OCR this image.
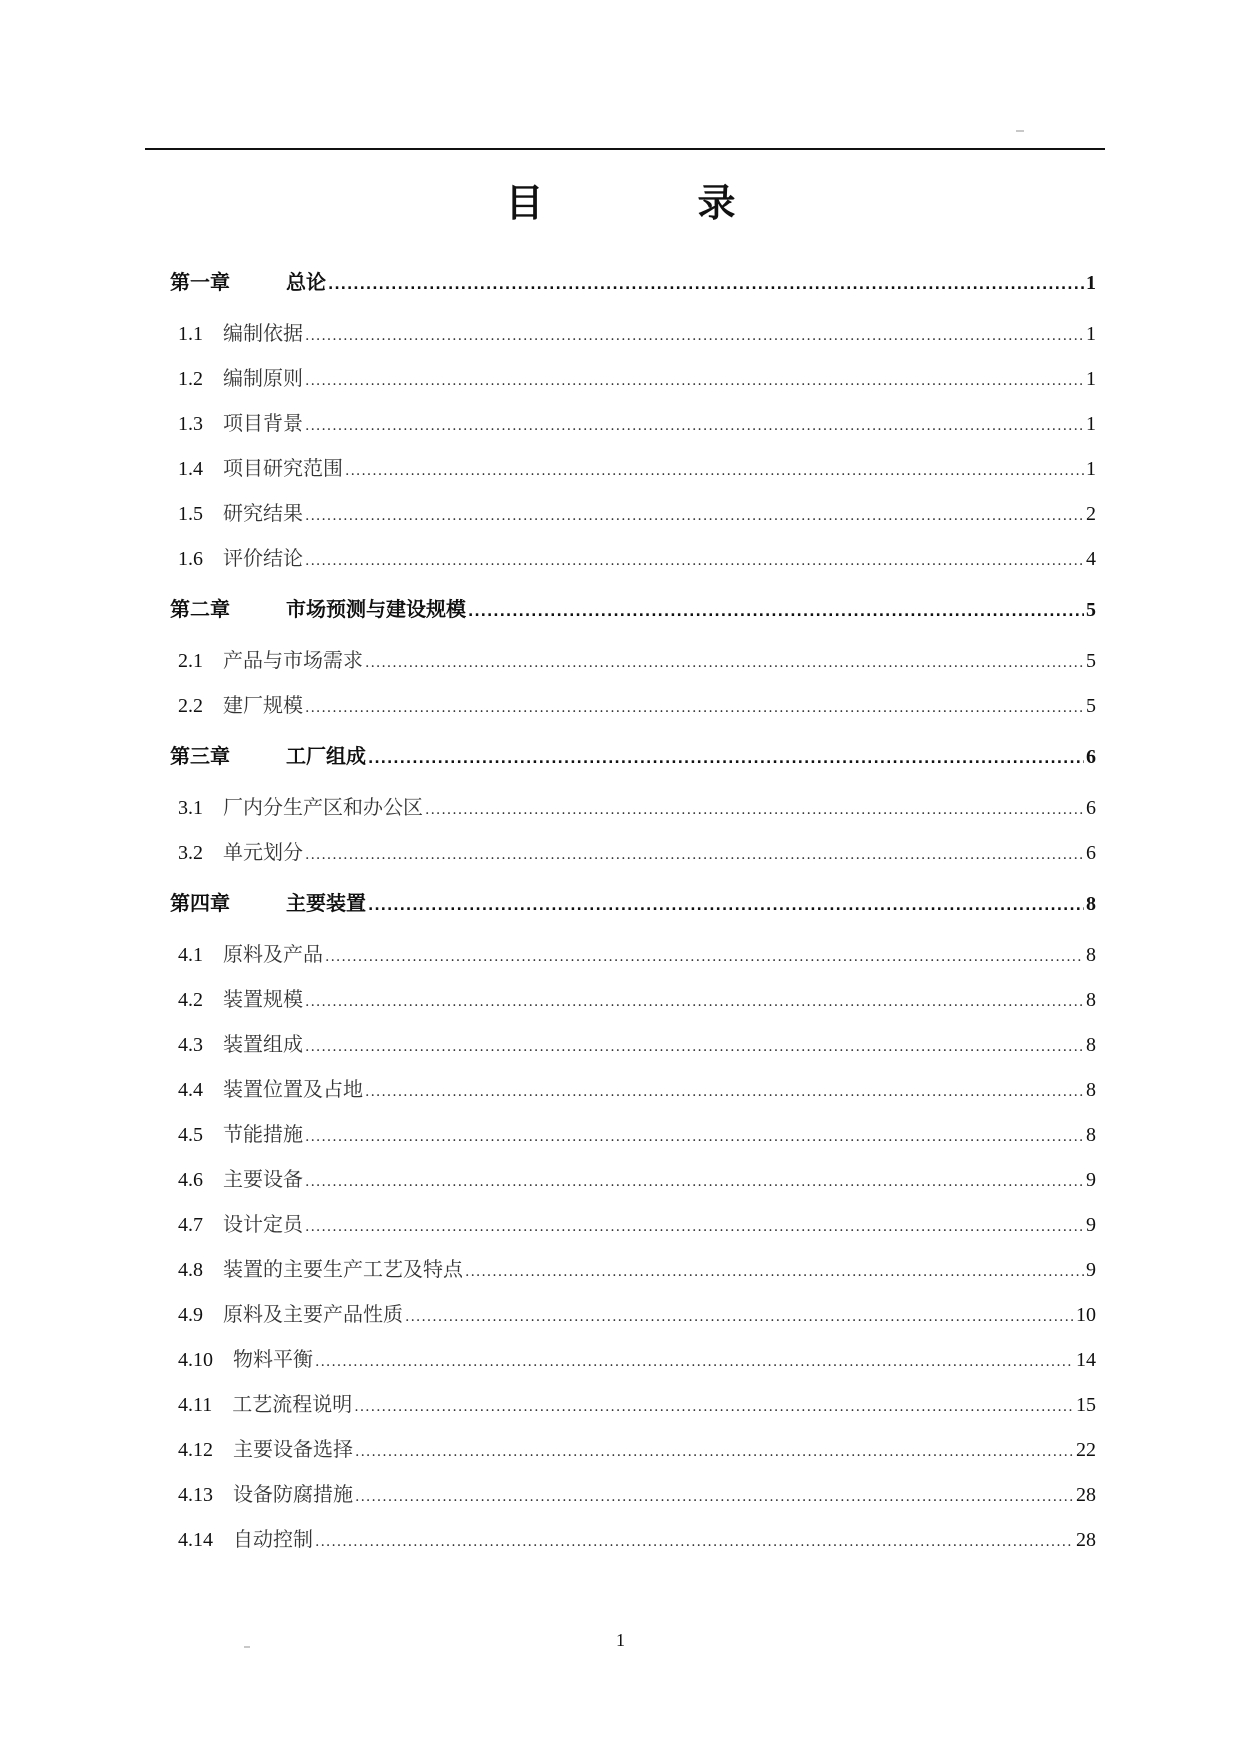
目　录
第一章	总论 .....	1
1.1	编制依据 .....	1
1.2	编制原则 .....	1
1.3	项目背景 .....	1
1.4	项目研究范围 .....	1
1.5	研究结果 .....	2
1.6	评价结论 .....	4
第二章	市场预测与建设规模 .....	5
2.1	产品与市场需求 .....	5
2.2	建厂规模 .....	5
第三章	工厂组成 .....	6
3.1	厂内分生产区和办公区 .....	6
3.2	单元划分 .....	6
第四章	主要装置 .....	8
4.1	原料及产品 .....	8
4.2	装置规模 .....	8
4.3	装置组成 .....	8
4.4	装置位置及占地 .....	8
4.5	节能措施 .....	8
4.6	主要设备 .....	9
4.7	设计定员 .....	9
4.8	装置的主要生产工艺及特点 .....	9
4.9	原料及主要产品性质 .....	10
4.10	物料平衡 .....	14
4.11	工艺流程说明 .....	15
4.12	主要设备选择 .....	22
4.13	设备防腐措施 .....	28
4.14	自动控制 .....	28
1
